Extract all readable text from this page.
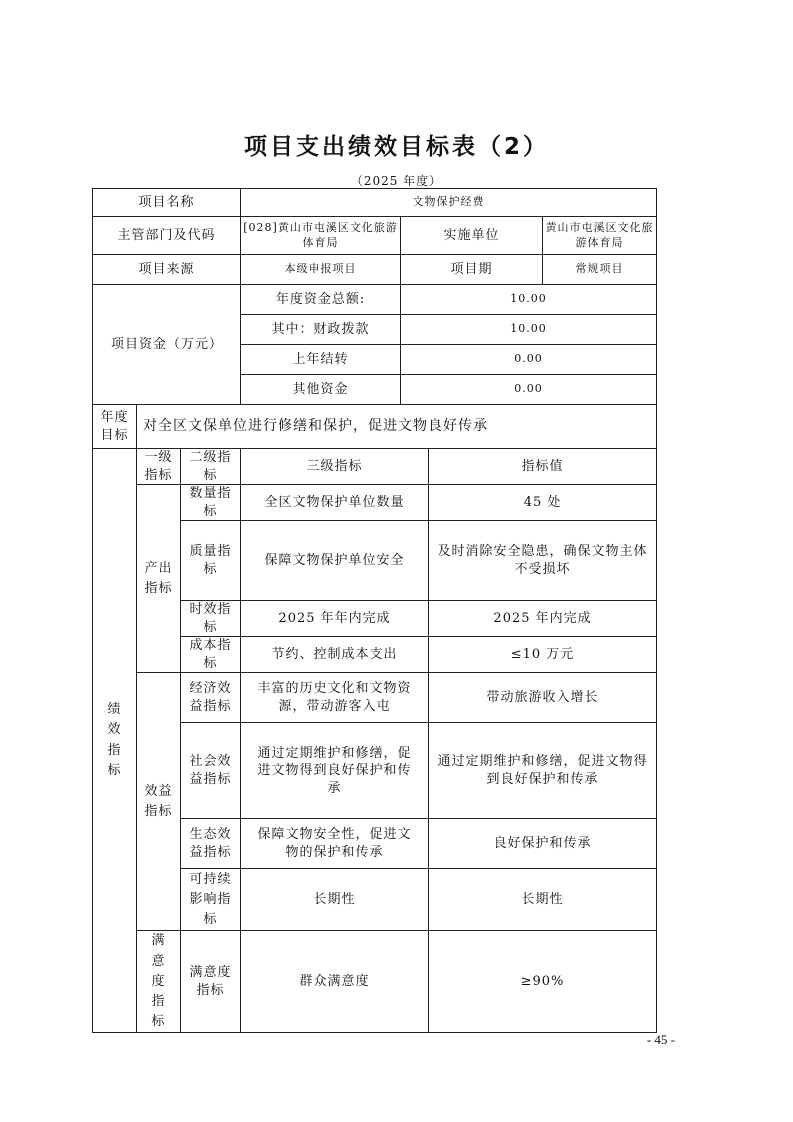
项目支出绩效目标表（2）
（2025 年度）
项目名称			文物保护经费			
主管部门及代码			[028]黄山市屯溪区文化旅游体育局	实施单位		黄山市屯溪区文化旅游体育局
项目来源			本级申报项目	项目期		常规项目
项目资金（万元）			年度资金总额:	10.00		
			其中：财政拨款	10.00		
			上年结转	0.00		
			其他资金	0.00		
年度目标	对全区文保单位进行修缮和保护，促进文物良好传承					
绩效指标	一级指标	二级指标	三级指标		指标值	
	产出指标	数量指标	全区文物保护单位数量		45 处	
		质量指标	保障文物保护单位安全		及时消除安全隐患，确保文物主体不受损坏	
		时效指标	2025 年年内完成		2025 年内完成	
		成本指标	节约、控制成本支出		≤10 万元	
	效益指标	经济效益指标	丰富的历史文化和文物资源，带动游客入屯		带动旅游收入增长	
		社会效益指标	通过定期维护和修缮，促进文物得到良好保护和传承		通过定期维护和修缮，促进文物得到良好保护和传承	
		生态效益指标	保障文物安全性，促进文物的保护和传承		良好保护和传承	
		可持续影响指标	长期性		长期性	
	满意度指标	满意度指标	群众满意度		≥90%	
- 45 -
